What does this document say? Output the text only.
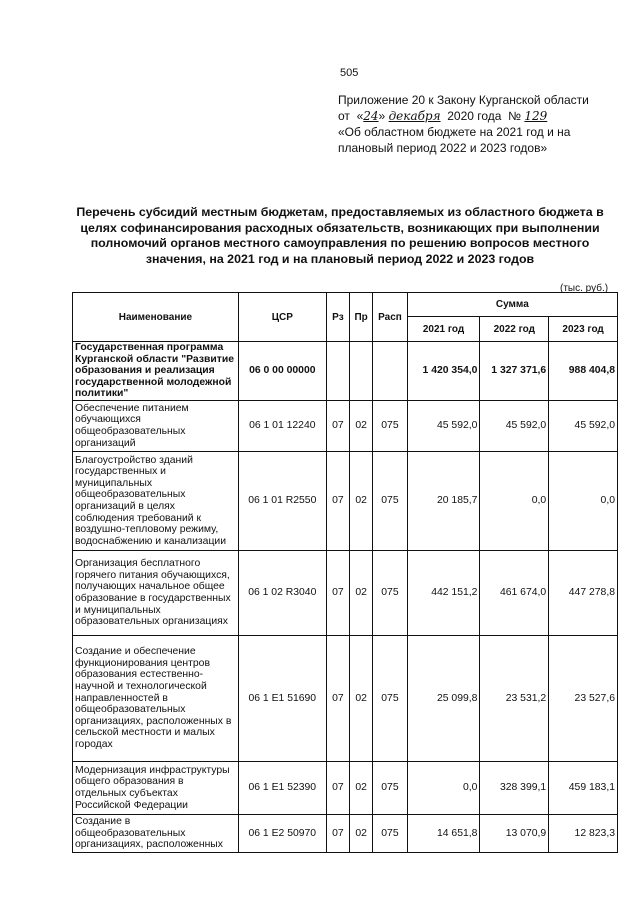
505
Приложение 20 к Закону Курганской области
от «24» декабря 2020 года № 129
«Об областном бюджете на 2021 год и на
плановый период 2022 и 2023 годов»
Перечень субсидий местным бюджетам, предоставляемых из областного бюджета в целях софинансирования расходных обязательств, возникающих при выполнении полномочий органов местного самоуправления по решению вопросов местного значения, на 2021 год и на плановый период 2022 и 2023 годов
(тыс. руб.)
Наименование	ЦСР	Рз	Пр	Расп	Сумма		
					2021 год	2022 год	2023 год
Государственная программа Курганской области "Развитие образования и реализация государственной молодежной политики"	06 0 00 00000				1 420 354,0	1 327 371,6	988 404,8
Обеспечение питанием обучающихся общеобразовательных организаций	06 1 01 12240	07	02	075	45 592,0	45 592,0	45 592,0
Благоустройство зданий государственных и муниципальных общеобразовательных организаций в целях соблюдения требований к воздушно-тепловому режиму, водоснабжению и канализации	06 1 01 R2550	07	02	075	20 185,7	0,0	0,0
Организация бесплатного горячего питания обучающихся, получающих начальное общее образование в государственных и муниципальных образовательных организациях	06 1 02 R3040	07	02	075	442 151,2	461 674,0	447 278,8
Создание и обеспечение функционирования центров образования естественно-научной и технологической направленностей в общеобразовательных организациях, расположенных в сельской местности и малых городах	06 1 E1 51690	07	02	075	25 099,8	23 531,2	23 527,6
Модернизация инфраструктуры общего образования в отдельных субъектах Российской Федерации	06 1 E1 52390	07	02	075	0,0	328 399,1	459 183,1
Создание в общеобразовательных организациях, расположенных	06 1 E2 50970	07	02	075	14 651,8	13 070,9	12 823,3
